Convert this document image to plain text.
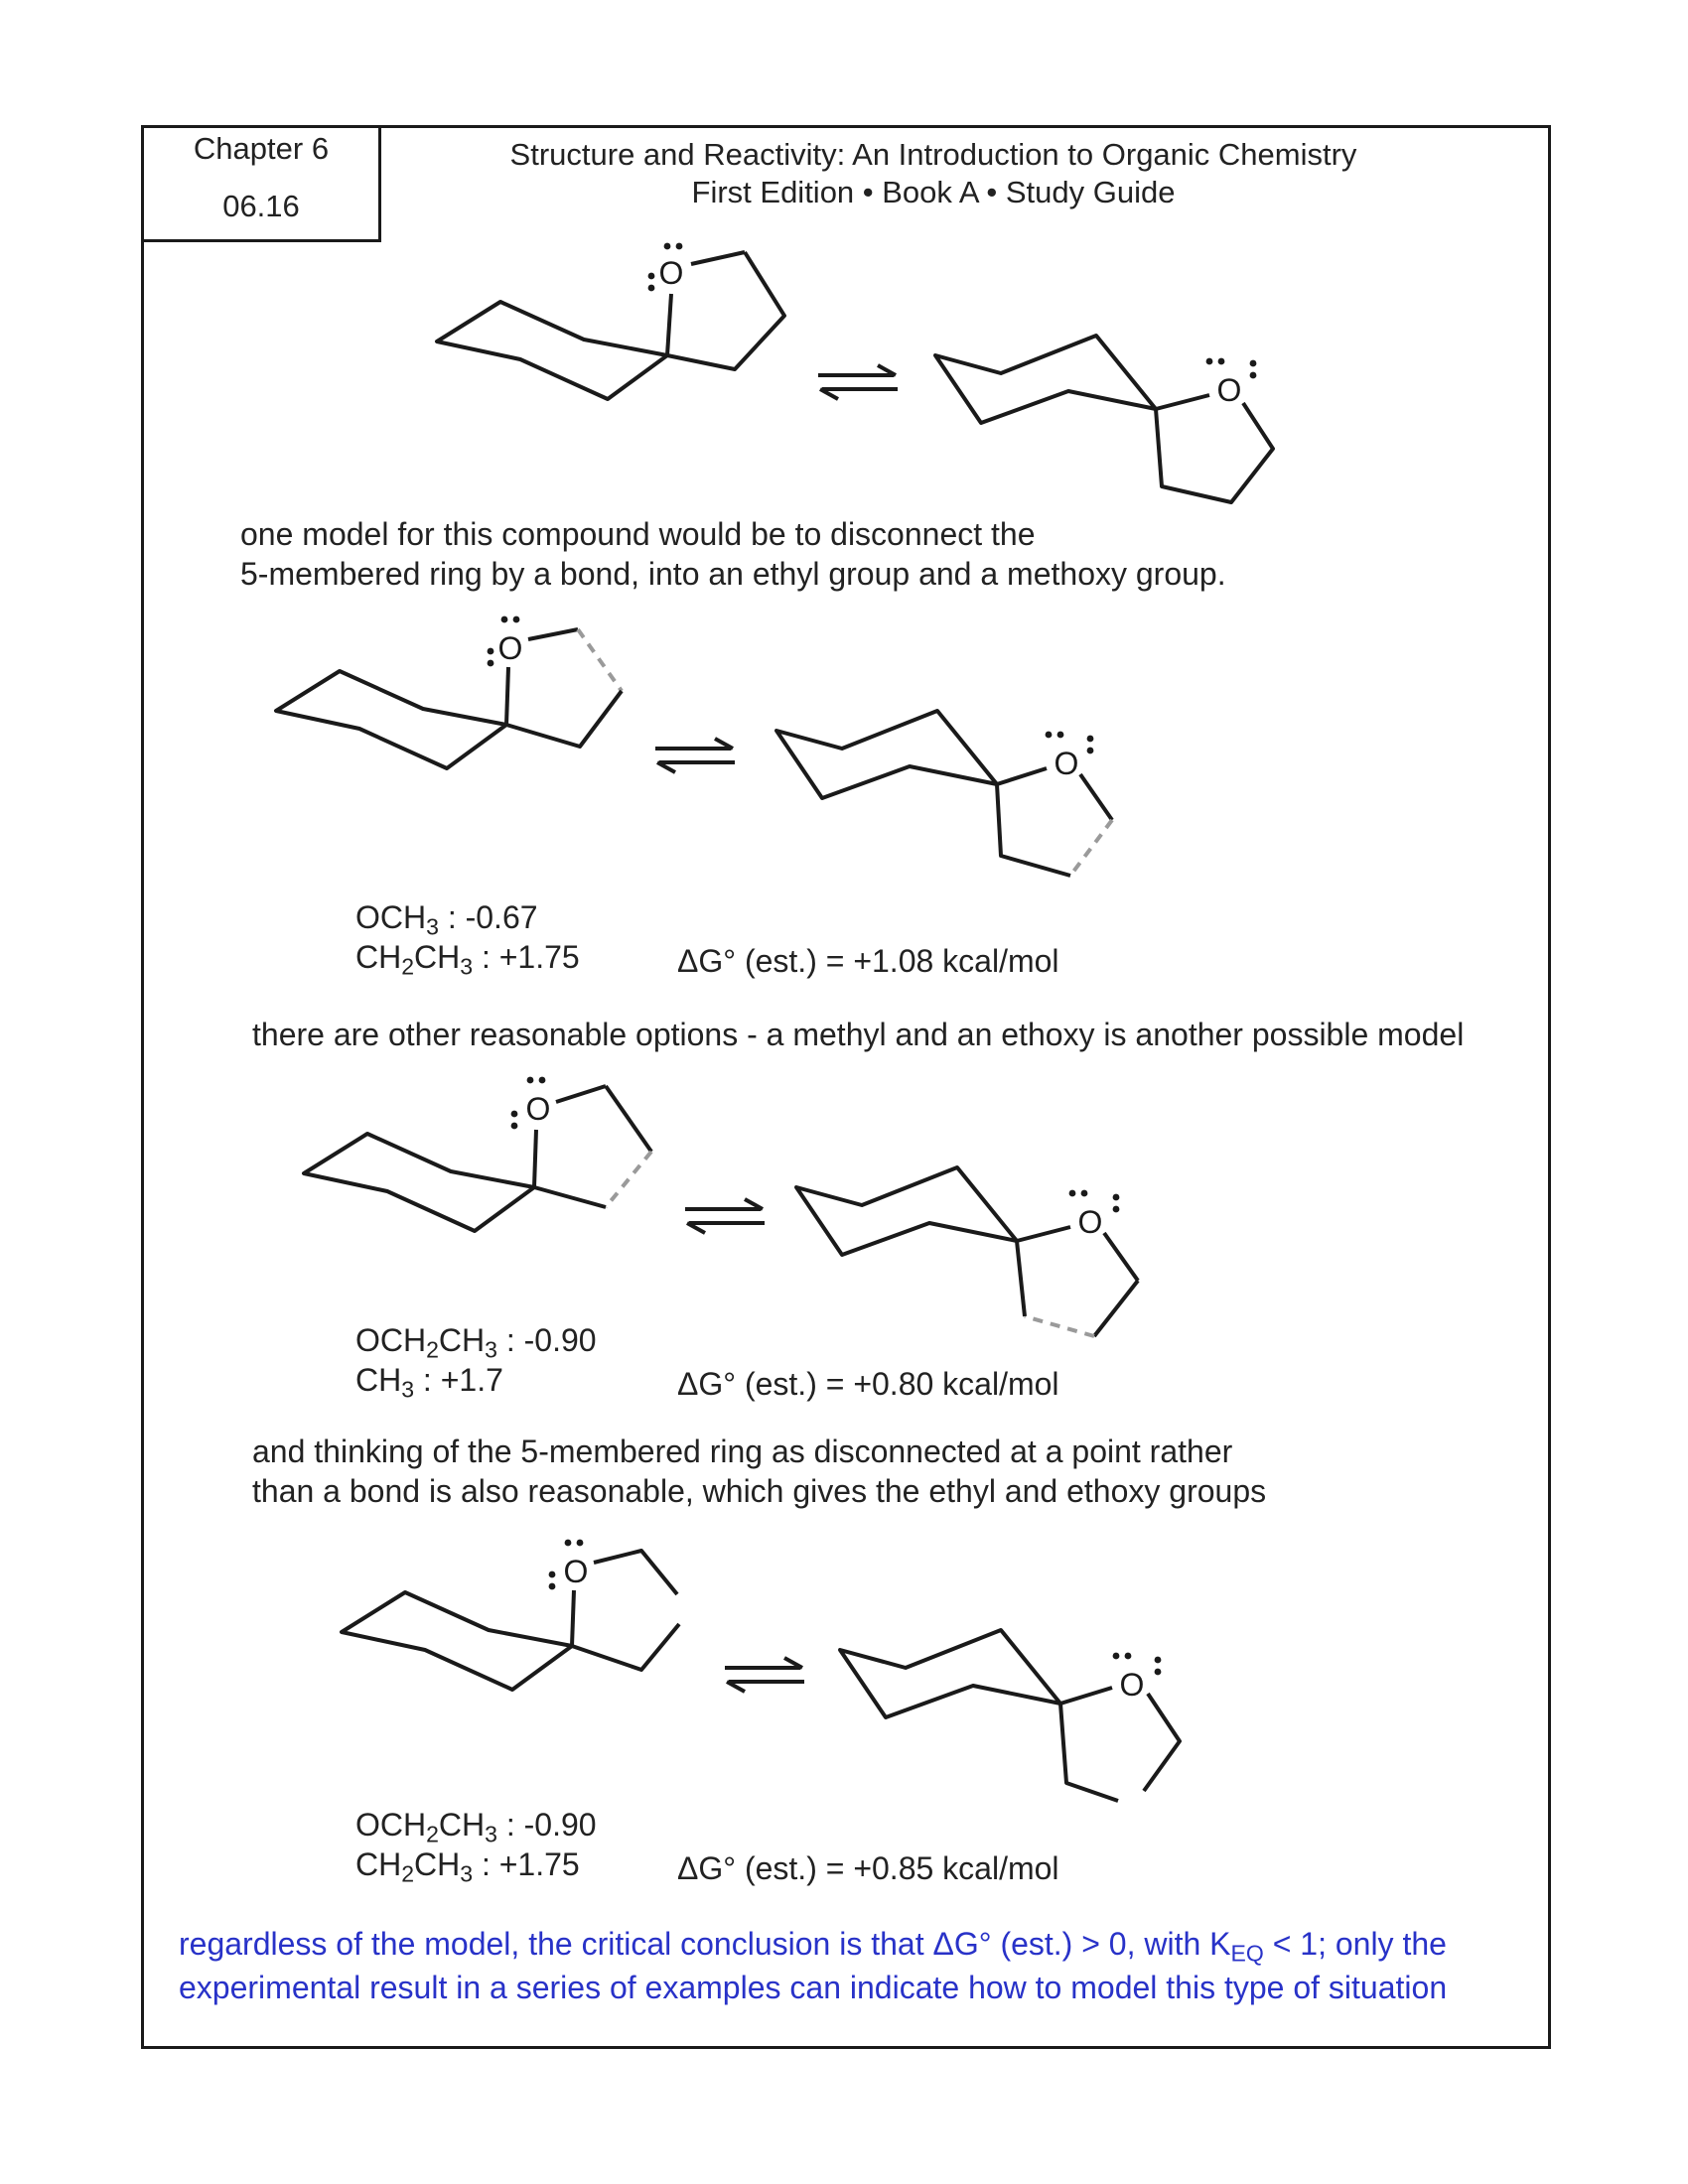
Chapter 6
06.16
Structure and Reactivity: An Introduction to Organic Chemistry
First Edition • Book A • Study Guide
O
O
O
O
O
O
O
O
one model for this compound would be to disconnect the
5-membered ring by a bond, into an ethyl group and a methoxy group.
$OCH_3$ : -0.67
$CH_2CH_3$ : +1.75	ΔG° (est.) = +1.08 kcal/mol
there are other reasonable options - a methyl and an ethoxy is another possible model
$OCH_2CH_3$ : -0.90
$CH_3$ : +1.7	ΔG° (est.) = +0.80 kcal/mol
and thinking of the 5-membered ring as disconnected at a point rather
than a bond is also reasonable, which gives the ethyl and ethoxy groups
$OCH_2CH_3$ : -0.90
$CH_2CH_3$ : +1.75	ΔG° (est.) = +0.85 kcal/mol
regardless of the model, the critical conclusion is that ΔG° (est.) > 0, with $K_{EQ} < 1$; only the
experimental result in a series of examples can indicate how to model this type of situation
